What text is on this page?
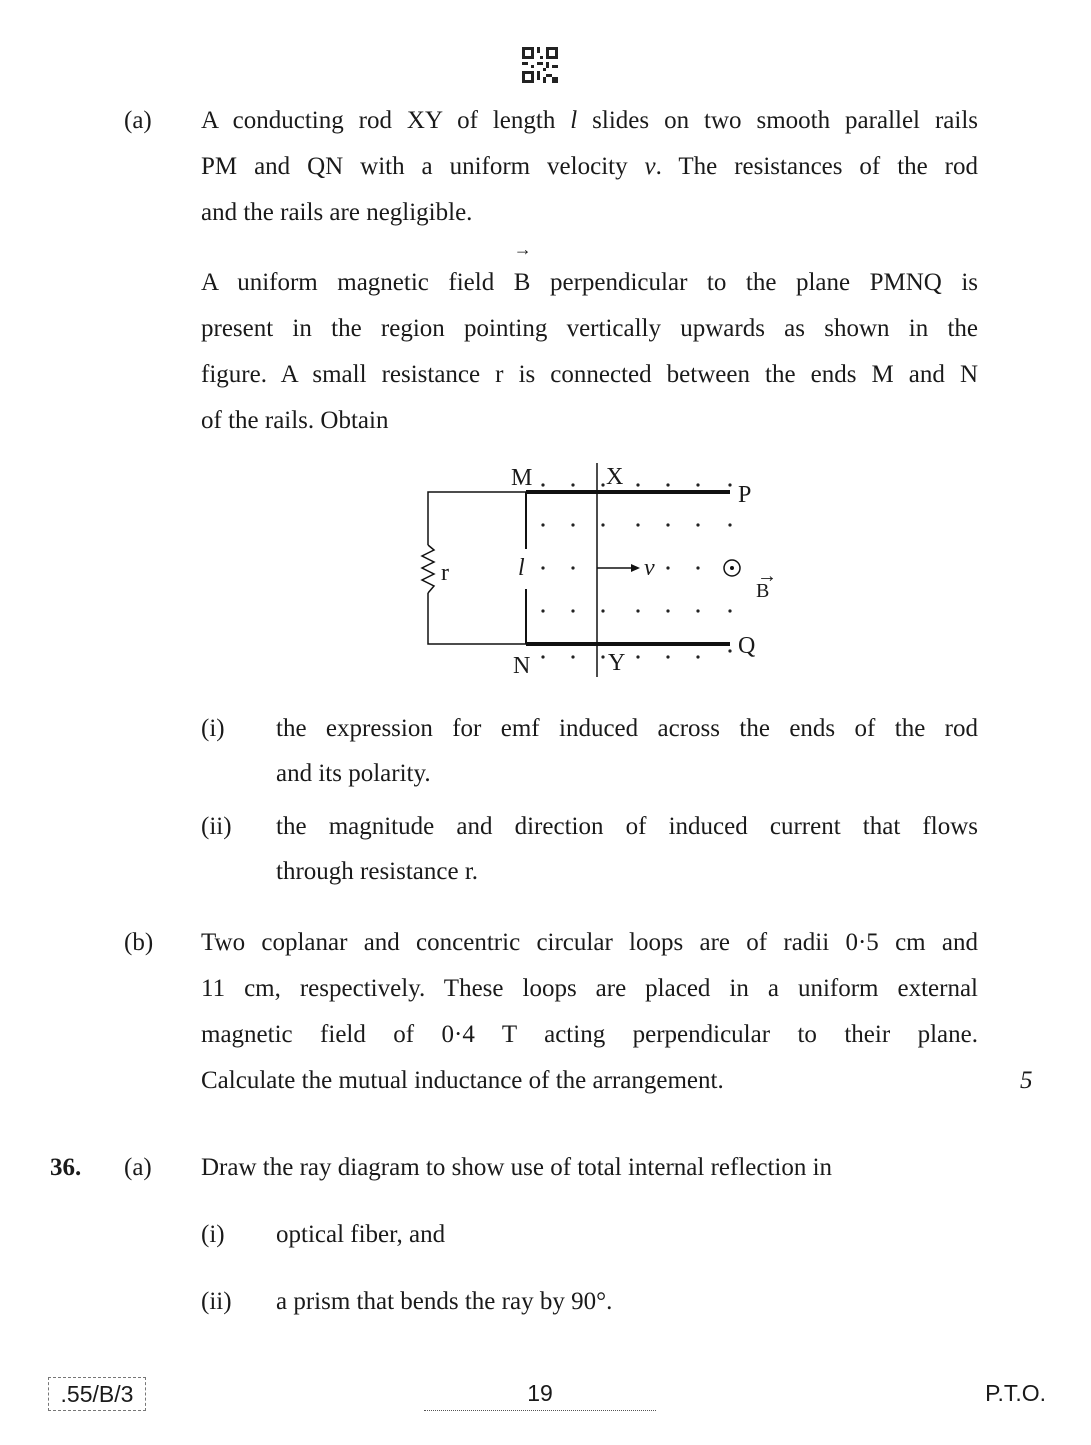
(a) A conducting rod XY of length l slides on two smooth parallel rails
PM and QN with a uniform velocity v. The resistances of the rod
and the rails are negligible.
A uniform magnetic field
→
B perpendicular to the plane PMNQ is
present in the region pointing vertically upwards as shown in the
figure. A small resistance r is connected between the ends M and N
of the rails. Obtain
M
N
X
Y
P
Q
r	l	v	→
B
(i) the expression for emf induced across the ends of the rod
and its polarity.
(ii) the magnitude and direction of induced current that flows
through resistance r.
(b) Two coplanar and concentric circular loops are of radii 0·5 cm and
11 cm, respectively. These loops are placed in a uniform external
magnetic field of 0·4 T acting perpendicular to their plane.
Calculate the mutual inductance of the arrangement.	5
36. (a) Draw the ray diagram to show use of total internal reflection in
(i) optical fiber, and
(ii) a prism that bends the ray by 90°.
.55/B/3	19	P.T.O.
